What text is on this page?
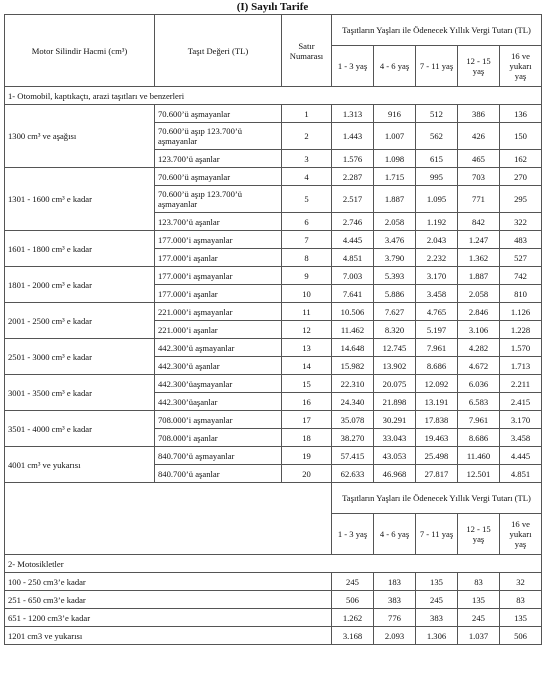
(I) Sayılı Tarife
Motor Silindir Hacmi (cm³)	Taşıt Değeri (TL)	Satır Numarası	Taşıtların Yaşları ile Ödenecek Yıllık Vergi Tutarı (TL)				
			1 - 3 yaş	4 - 6 yaş	7 - 11 yaş	12 - 15 yaş	16 ve yukarı yaş
1- Otomobil, kaptıkaçtı, arazi taşıtları ve benzerleri							
1300 cm³ ve aşağısı	70.600’ü aşmayanlar	1	1.313	916	512	386	136
	70.600’ü aşıp 123.700’ü aşmayanlar	2	1.443	1.007	562	426	150
	123.700’ü aşanlar	3	1.576	1.098	615	465	162
1301 - 1600 cm³ e kadar	70.600’ü aşmayanlar	4	2.287	1.715	995	703	270
	70.600’ü aşıp 123.700’ü aşmayanlar	5	2.517	1.887	1.095	771	295
	123.700’ü aşanlar	6	2.746	2.058	1.192	842	322
1601 - 1800 cm³ e kadar	177.000’i aşmayanlar	7	4.445	3.476	2.043	1.247	483
	177.000’i aşanlar	8	4.851	3.790	2.232	1.362	527
1801 - 2000 cm³ e kadar	177.000’i aşmayanlar	9	7.003	5.393	3.170	1.887	742
	177.000’i aşanlar	10	7.641	5.886	3.458	2.058	810
2001 - 2500 cm³ e kadar	221.000’i aşmayanlar	11	10.506	7.627	4.765	2.846	1.126
	221.000’i aşanlar	12	11.462	8.320	5.197	3.106	1.228
2501 - 3000 cm³ e kadar	442.300’ü aşmayanlar	13	14.648	12.745	7.961	4.282	1.570
	442.300’ü aşanlar	14	15.982	13.902	8.686	4.672	1.713
3001 - 3500 cm³ e kadar	442.300’üaşmayanlar	15	22.310	20.075	12.092	6.036	2.211
	442.300’üaşanlar	16	24.340	21.898	13.191	6.583	2.415
3501 - 4000 cm³ e kadar	708.000’i aşmayanlar	17	35.078	30.291	17.838	7.961	3.170
	708.000’i aşanlar	18	38.270	33.043	19.463	8.686	3.458
4001 cm³ ve yukarısı	840.700’ü aşmayanlar	19	57.415	43.053	25.498	11.460	4.445
	840.700’ü aşanlar	20	62.633	46.968	27.817	12.501	4.851
			Taşıtların Yaşları ile Ödenecek Yıllık Vergi Tutarı (TL)				
			1 - 3 yaş	4 - 6 yaş	7 - 11 yaş	12 - 15 yaş	16 ve yukarı yaş
2- Motosikletler							
100 - 250 cm3’e kadar			245	183	135	83	32
251 - 650 cm3’e kadar			506	383	245	135	83
651 - 1200 cm3’e kadar			1.262	776	383	245	135
1201 cm3 ve yukarısı			3.168	2.093	1.306	1.037	506
